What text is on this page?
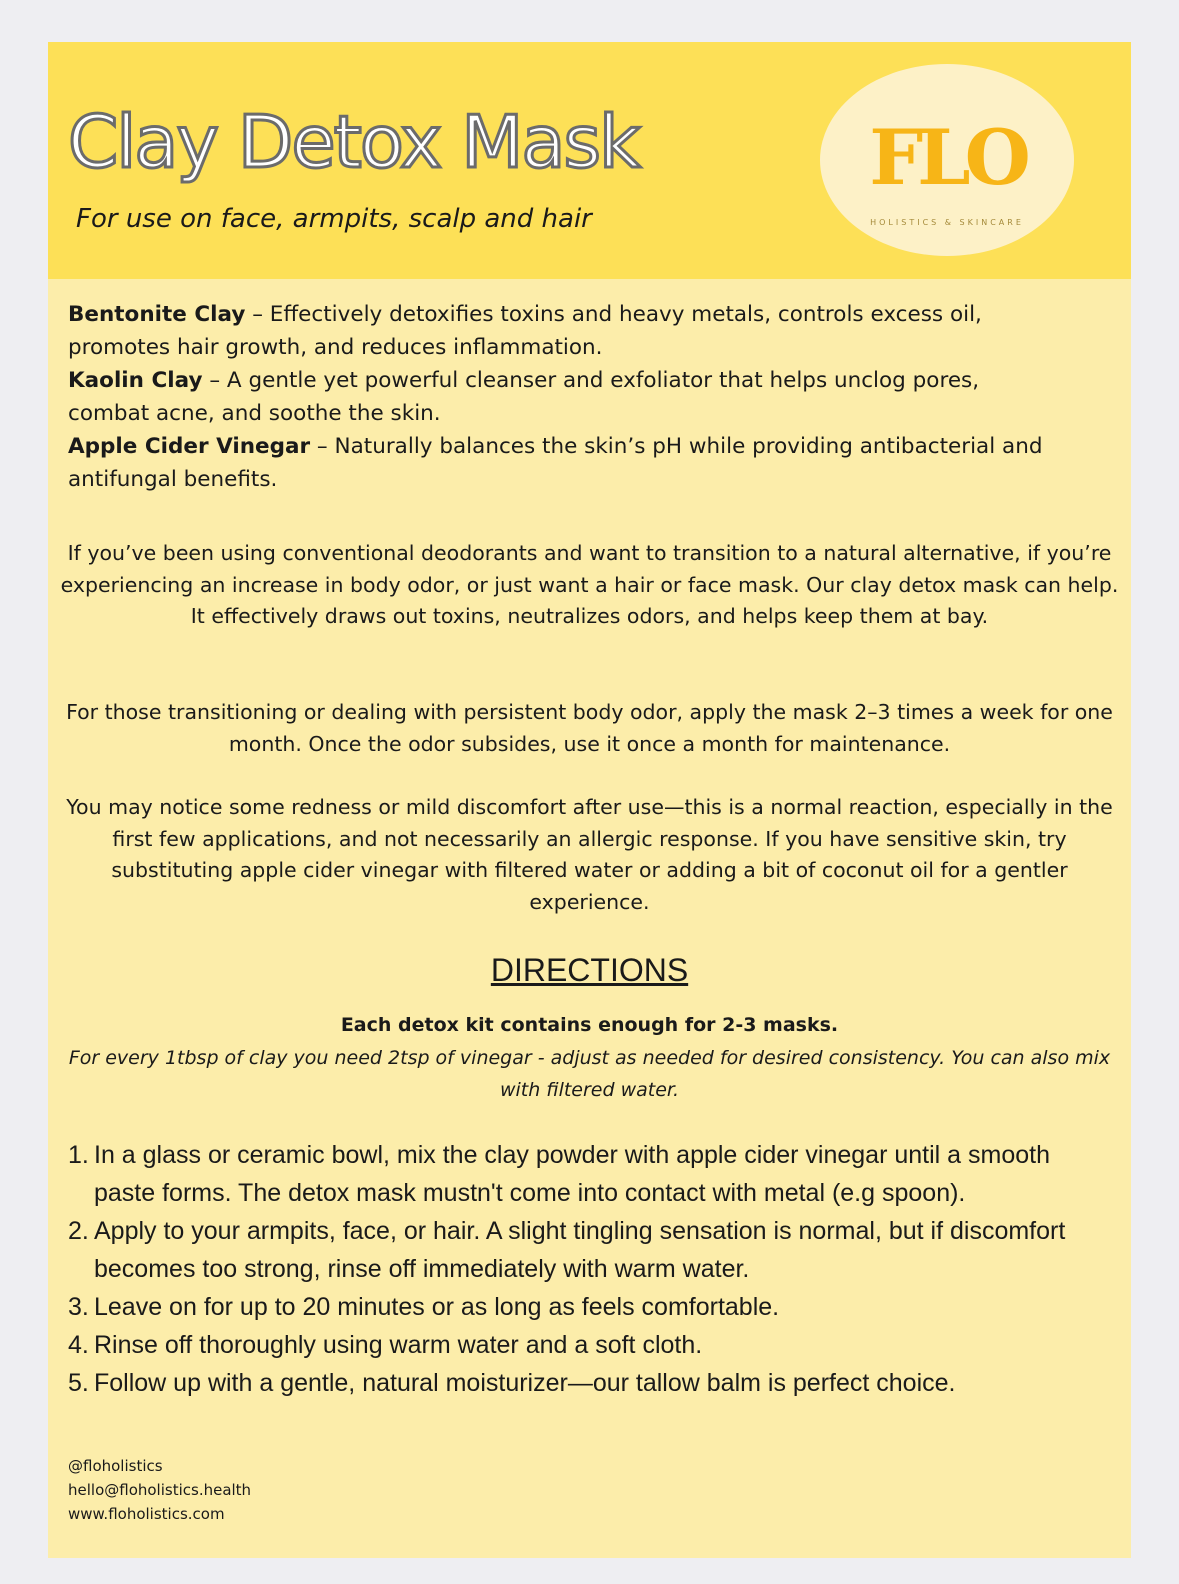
Clay Detox Mask
For use on face, armpits, scalp and hair
FLO
HOLISTICS & SKINCARE
Bentonite Clay – Effectively detoxifies toxins and heavy metals, controls excess oil, promotes hair growth, and reduces inflammation.
Kaolin Clay – A gentle yet powerful cleanser and exfoliator that helps unclog pores, combat acne, and soothe the skin.
Apple Cider Vinegar – Naturally balances the skin’s pH while providing antibacterial and antifungal benefits.

If you’ve been using conventional deodorants and want to transition to a natural alternative, if you’re experiencing an increase in body odor, or just want a hair or face mask. Our clay detox mask can help. It effectively draws out toxins, neutralizes odors, and helps keep them at bay.

For those transitioning or dealing with persistent body odor, apply the mask 2–3 times a week for one month. Once the odor subsides, use it once a month for maintenance.

You may notice some redness or mild discomfort after use—this is a normal reaction, especially in the first few applications, and not necessarily an allergic response. If you have sensitive skin, try substituting apple cider vinegar with filtered water or adding a bit of coconut oil for a gentler experience.

DIRECTIONS
Each detox kit contains enough for 2-3 masks.
For every 1tbsp of clay you need 2tsp of vinegar - adjust as needed for desired consistency. You can also mix with filtered water.
1. In a glass or ceramic bowl, mix the clay powder with apple cider vinegar until a smooth paste forms. The detox mask mustn't come into contact with metal (e.g spoon).
2. Apply to your armpits, face, or hair. A slight tingling sensation is normal, but if discomfort becomes too strong, rinse off immediately with warm water.
3. Leave on for up to 20 minutes or as long as feels comfortable.
4. Rinse off thoroughly using warm water and a soft cloth.
5. Follow up with a gentle, natural moisturizer—our tallow balm is perfect choice.
@floholistics
hello@floholistics.health
www.floholistics.com
